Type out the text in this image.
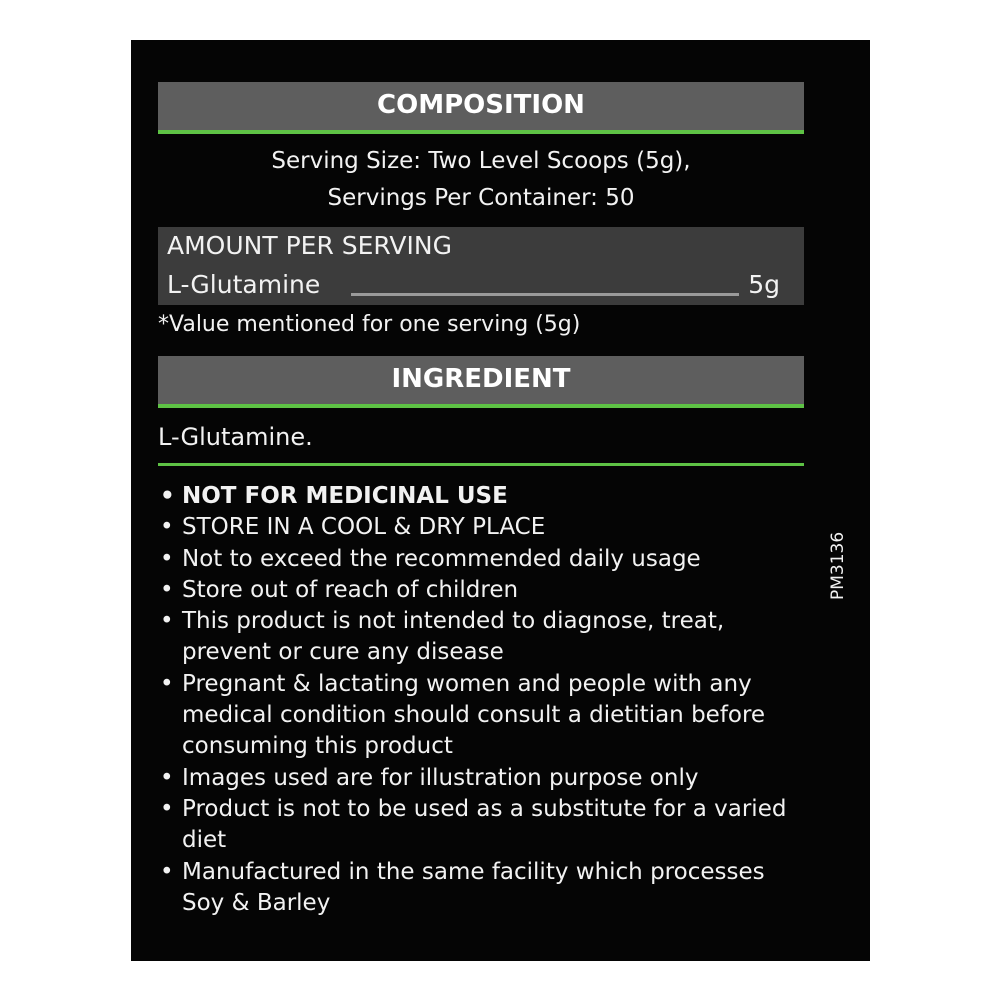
COMPOSITION
Serving Size: Two Level Scoops (5g),
Servings Per Container: 50
AMOUNT PER SERVING
L-Glutamine	5g
*Value mentioned for one serving (5g)
INGREDIENT
L-Glutamine.
• NOT FOR MEDICINAL USE
• STORE IN A COOL & DRY PLACE
• Not to exceed the recommended daily usage
• Store out of reach of children
• This product is not intended to diagnose, treat, prevent or cure any disease
• Pregnant & lactating women and people with any medical condition should consult a dietitian before consuming this product
• Images used are for illustration purpose only
• Product is not to be used as a substitute for a varied diet
• Manufactured in the same facility which processes Soy & Barley
PM3136
